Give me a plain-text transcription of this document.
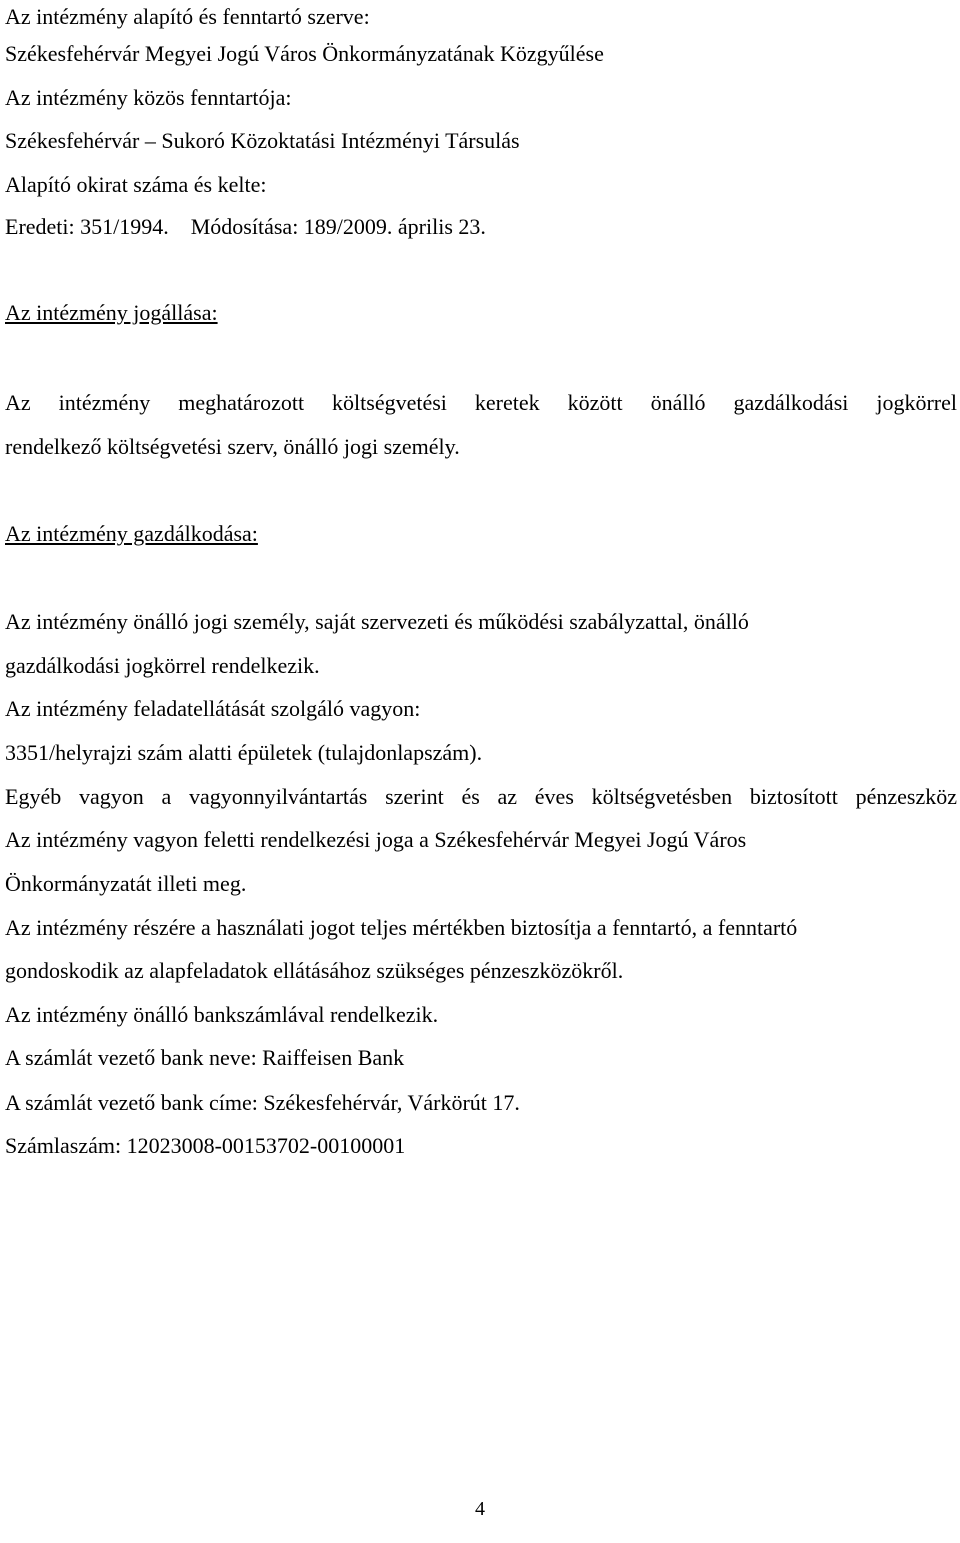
Az intézmény alapító és fenntartó szerve:

Székesfehérvár Megyei Jogú Város Önkormányzatának Közgyűlése

Az intézmény közös fenntartója:

Székesfehérvár – Sukoró Közoktatási Intézményi Társulás

Alapító okirat száma és kelte:

Eredeti: 351/1994. Módosítása: 189/2009. április 23.

Az intézmény jogállása:

Az intézmény meghatározott költségvetési keretek között önálló gazdálkodási jogkörrel

rendelkező költségvetési szerv, önálló jogi személy.

Az intézmény gazdálkodása:

Az intézmény önálló jogi személy, saját szervezeti és működési szabályzattal, önálló

gazdálkodási jogkörrel rendelkezik.

Az intézmény feladatellátását szolgáló vagyon:

3351/helyrajzi szám alatti épületek (tulajdonlapszám).

Egyéb vagyon a vagyonnyilvántartás szerint és az éves költségvetésben biztosított pénzeszköz

Az intézmény vagyon feletti rendelkezési joga a Székesfehérvár Megyei Jogú Város

Önkormányzatát illeti meg.

Az intézmény részére a használati jogot teljes mértékben biztosítja a fenntartó, a fenntartó

gondoskodik az alapfeladatok ellátásához szükséges pénzeszközökről.

Az intézmény önálló bankszámlával rendelkezik.

A számlát vezető bank neve: Raiffeisen Bank

A számlát vezető bank címe: Székesfehérvár, Várkörút 17.

Számlaszám: 12023008-00153702-00100001

4
